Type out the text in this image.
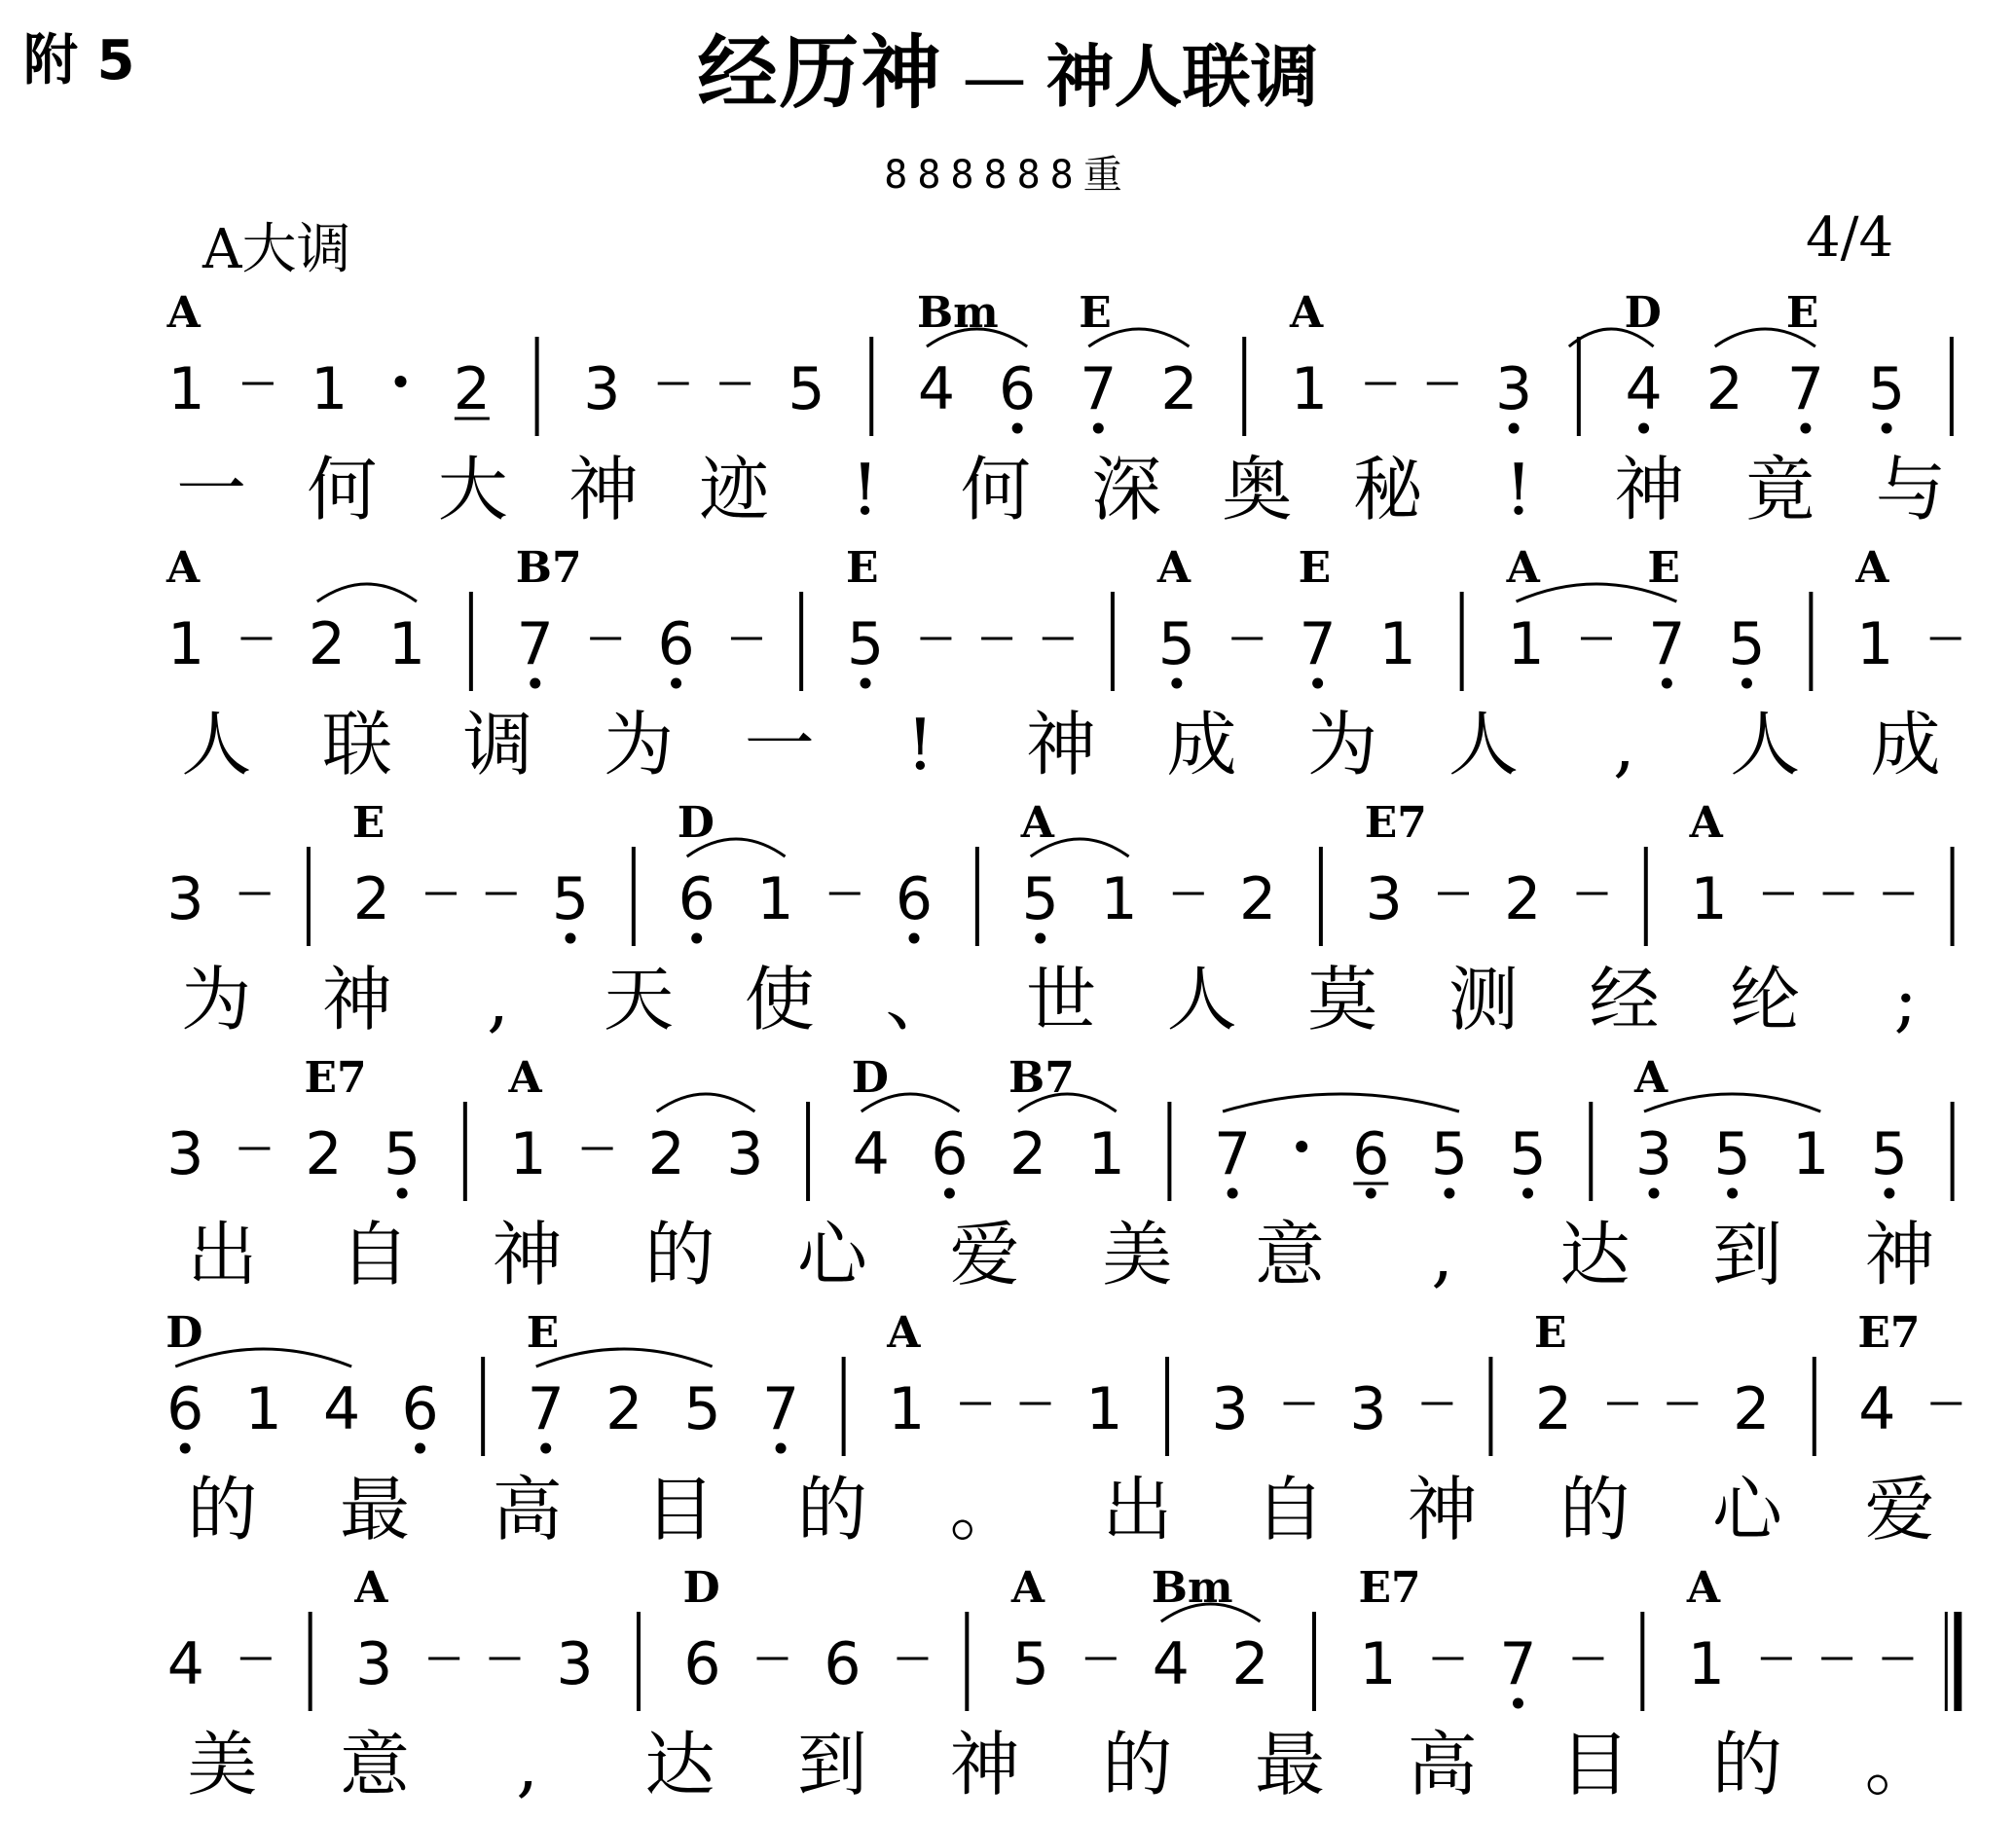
附 5	经历神 — 神人联调
888888重
A大调	4/4
1
A
1 2 3	5 4
Bm
6 7
E
2 1
A
3 4
D
2 7
E
5
一 何 大 神 迹 ! 何 深 奥 秘 ! 神 竟 与
1
A
2 1 7
B7
6	5
E
5
A
7
E
1 1
A
7
E
5 1
A
人 联 调 为 一 ! 神 成 为 人 , 人 成
3	2
E
5 6
D
1 6 5
A
1 2 3
E7
2	1
A
为 神 , 天 使 、 世 人 莫 测 经 纶 ;
3 2
E7
5 1
A
2 3 4
D
6 2
B7
1 7 6 5 5 3
A
5 1 5
出 自 神 的 心 爱 美 意 , 达 到 神
6
D
1 4 6 7
E
2 5 7 1
A
1 3 3	2
E
2 4
E7
的 最 高 目 的 。 出 自 神 的 心 爱
4	3
A
3 6
D
6	5
A
4
Bm
2 1
E7
7	1
A
美 意 , 达 到 神 的 最 高 目 的 。
